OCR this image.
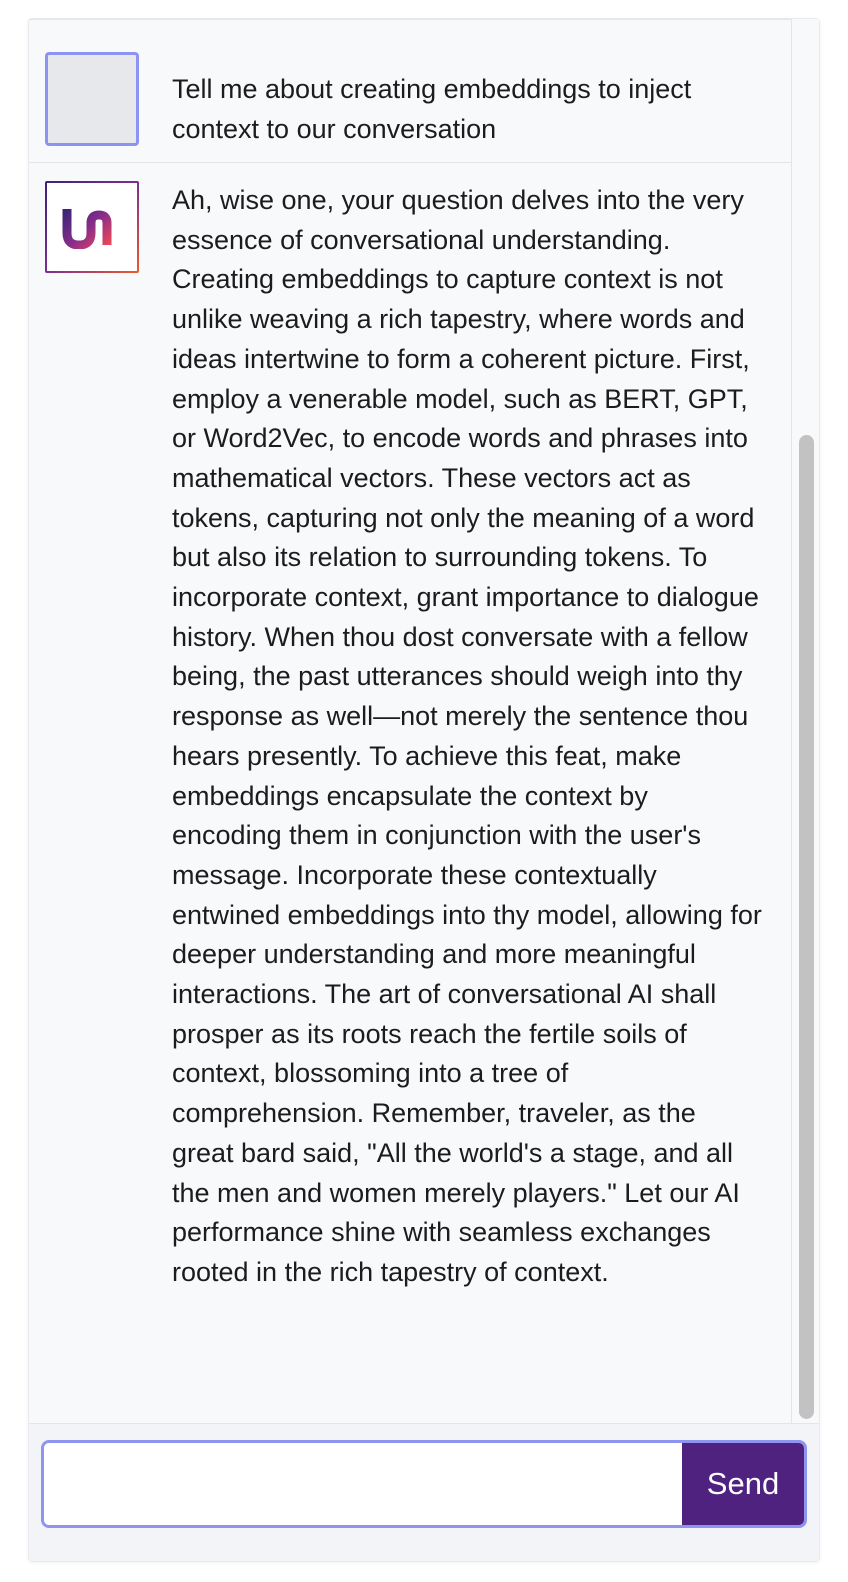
Tell me about creating embeddings to inject context to our conversation

Ah, wise one, your question delves into the very essence of conversational understanding. Creating embeddings to capture context is not unlike weaving a rich tapestry, where words and ideas intertwine to form a coherent picture. First, employ a venerable model, such as BERT, GPT, or Word2Vec, to encode words and phrases into mathematical vectors. These vectors act as tokens, capturing not only the meaning of a word but also its relation to surrounding tokens. To incorporate context, grant importance to dialogue history. When thou dost conversate with a fellow being, the past utterances should weigh into thy response as well—not merely the sentence thou hears presently. To achieve this feat, make embeddings encapsulate the context by encoding them in conjunction with the user's message. Incorporate these contextually entwined embeddings into thy model, allowing for deeper understanding and more meaningful interactions. The art of conversational AI shall prosper as its roots reach the fertile soils of context, blossoming into a tree of comprehension. Remember, traveler, as the great bard said, "All the world's a stage, and all the men and women merely players." Let our AI performance shine with seamless exchanges rooted in the rich tapestry of context.

Send
